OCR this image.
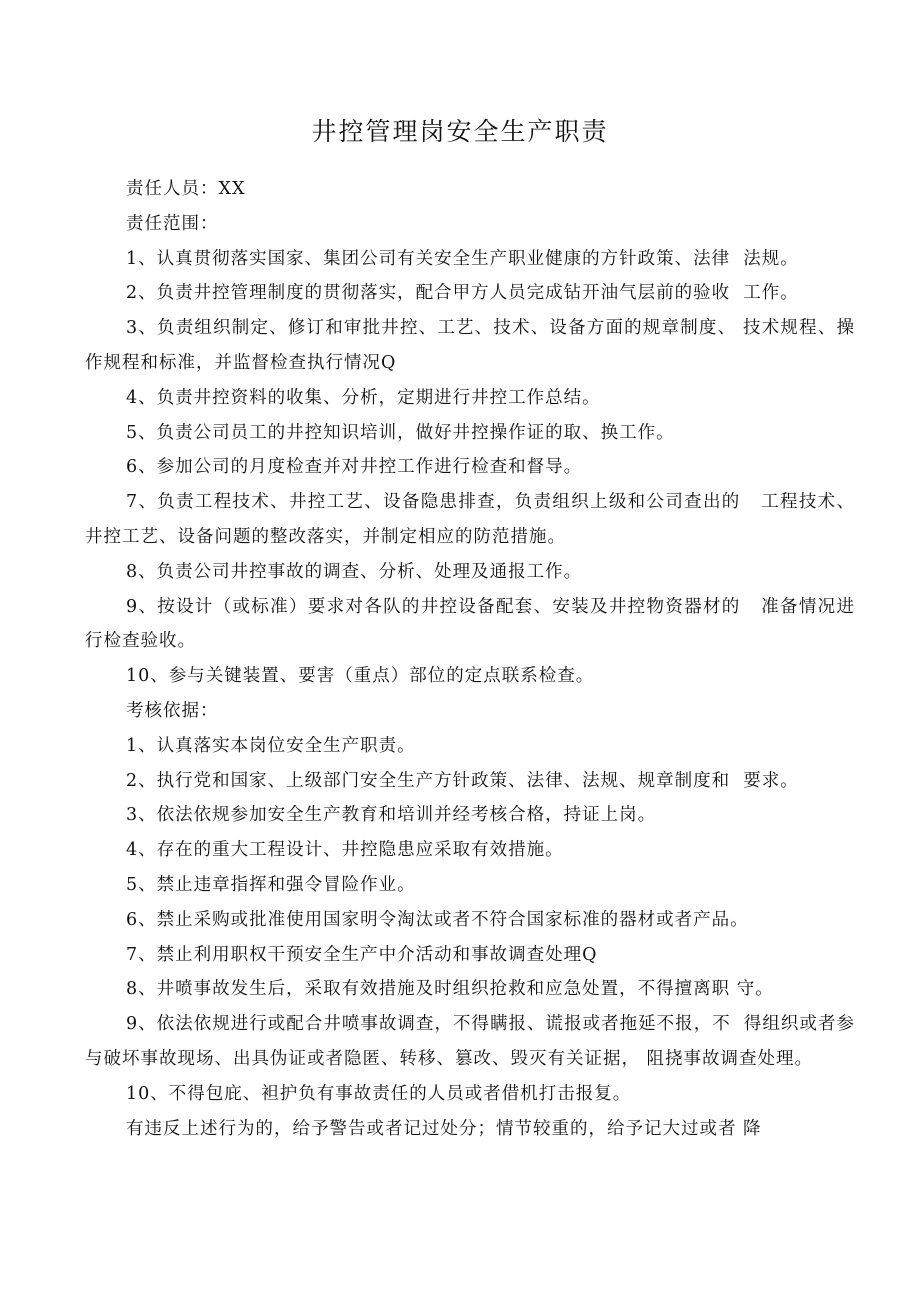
井控管理岗安全生产职责

责任人员：XX

责任范围：

1、认真贯彻落实国家、集团公司有关安全生产职业健康的方针政策、法律  法规。

2、负责井控管理制度的贯彻落实，配合甲方人员完成钻开油气层前的验收  工作。

3、负责组织制定、修订和审批井控、工艺、技术、设备方面的规章制度、 技术规程、操作规程和标准，并监督检查执行情况Q

4、负责井控资料的收集、分析，定期进行井控工作总结。

5、负责公司员工的井控知识培训，做好井控操作证的取、换工作。

6、参加公司的月度检查并对井控工作进行检查和督导。

7、负责工程技术、井控工艺、设备隐患排查，负责组织上级和公司查出的   工程技术、井控工艺、设备问题的整改落实，并制定相应的防范措施。

8、负责公司井控事故的调查、分析、处理及通报工作。

9、按设计（或标准）要求对各队的井控设备配套、安装及井控物资器材的   准备情况进行检查验收。

10、参与关键装置、要害（重点）部位的定点联系检查。

考核依据：

1、认真落实本岗位安全生产职责。

2、执行党和国家、上级部门安全生产方针政策、法律、法规、规章制度和  要求。

3、依法依规参加安全生产教育和培训并经考核合格，持证上岗。

4、存在的重大工程设计、井控隐患应采取有效措施。

5、禁止违章指挥和强令冒险作业。

6、禁止采购或批准使用国家明令淘汰或者不符合国家标准的器材或者产品。

7、禁止利用职权干预安全生产中介活动和事故调查处理Q

8、井喷事故发生后，采取有效措施及时组织抢救和应急处置，不得擅离职 守。

9、依法依规进行或配合井喷事故调查，不得瞒报、谎报或者拖延不报，不  得组织或者参与破坏事故现场、出具伪证或者隐匿、转移、篡改、毁灭有关证据， 阻挠事故调查处理。

10、不得包庇、袒护负有事故责任的人员或者借机打击报复。

有违反上述行为的，给予警告或者记过处分；情节较重的，给予记大过或者 降
